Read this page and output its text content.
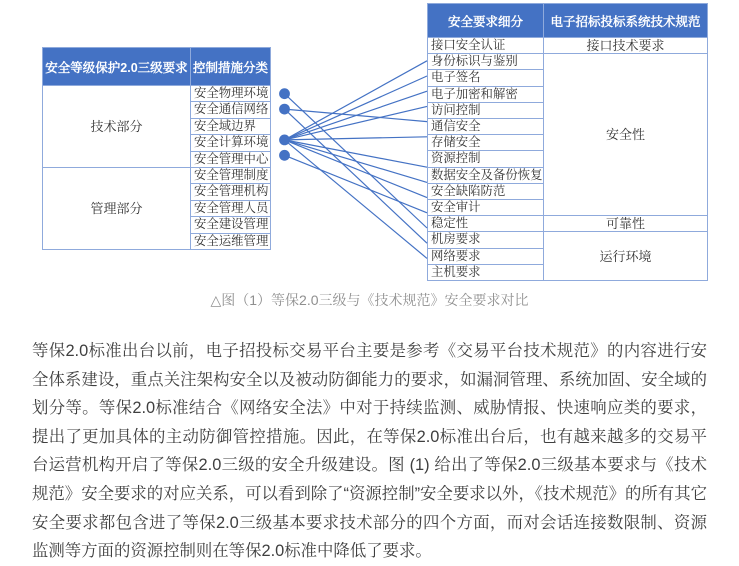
安全等级保护2.0三级要求	控制措施分类
技术部分	安全物理环境
	安全通信网络
	安全域边界
	安全计算环境
	安全管理中心
管理部分	安全管理制度
	安全管理机构
	安全管理人员
	安全建设管理
	安全运维管理
安全要求细分	电子招标投标系统技术规范
接口安全认证	接口技术要求
身份标识与鉴别	安全性
电子签名	
电子加密和解密	
访问控制	
通信安全	
存储安全	
资源控制	
数据安全及备份恢复	
安全缺陷防范	
安全审计	
稳定性	可靠性
机房要求	运行环境
网络要求	
主机要求	
△图（1）等保2.0三级与《技术规范》安全要求对比

等保2.0标准出台以前，电子招投标交易平台主要是参考《交易平台技术规范》的内容进行安全体系建设，重点关注架构安全以及被动防御能力的要求，如漏洞管理、系统加固、安全域的划分等。等保2.0标准结合《网络安全法》中对于持续监测、威胁情报、快速响应类的要求，提出了更加具体的主动防御管控措施。因此，在等保2.0标准出台后，也有越来越多的交易平台运营机构开启了等保2.0三级的安全升级建设。图 (1) 给出了等保2.0三级基本要求与《技术规范》安全要求的对应关系，可以看到除了“资源控制”安全要求以外，《技术规范》的所有其它安全要求都包含进了等保2.0三级基本要求技术部分的四个方面，而对会话连接数限制、资源监测等方面的资源控制则在等保2.0标准中降低了要求。
